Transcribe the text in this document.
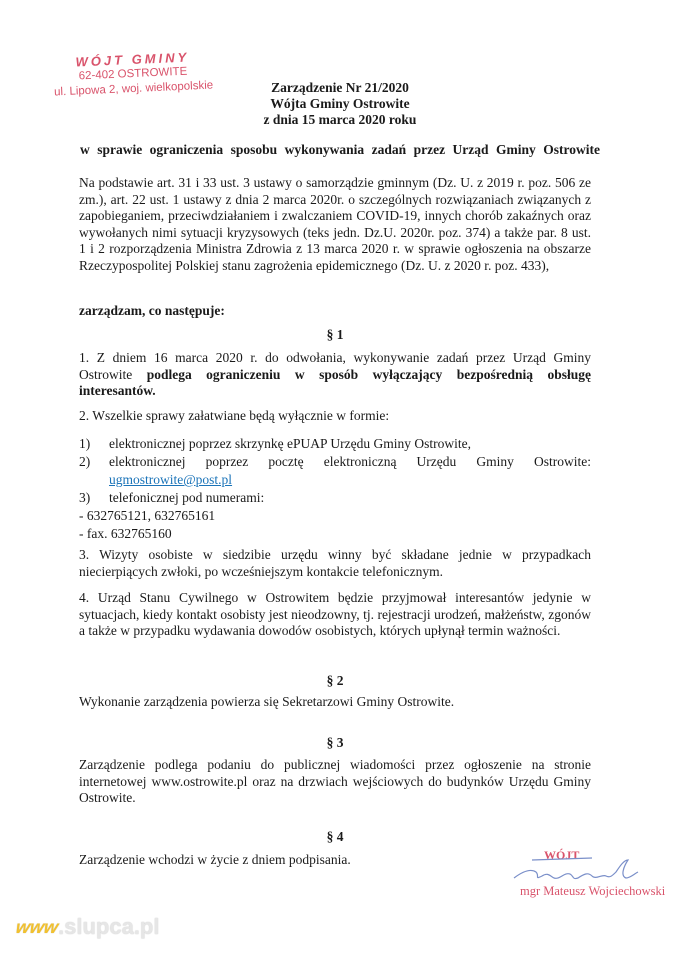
WÓJT GMINY
62-402 OSTROWITE
ul. Lipowa 2, woj. wielkopolskie	Zarządzenie Nr 21/2020
Wójta Gminy Ostrowite
z dnia 15 marca 2020 roku
w sprawie ograniczenia sposobu wykonywania zadań przez Urząd Gminy Ostrowite
Na podstawie art. 31 i 33 ust. 3 ustawy o samorządzie gminnym (Dz. U. z 2019 r. poz. 506 ze zm.), art. 22 ust. 1 ustawy z dnia 2 marca 2020r. o szczególnych rozwiązaniach związanych z zapobieganiem, przeciwdziałaniem i zwalczaniem COVID-19, innych chorób zakaźnych oraz wywołanych nimi sytuacji kryzysowych (teks jedn. Dz.U. 2020r. poz. 374) a także par. 8 ust. 1 i 2 rozporządzenia Ministra Zdrowia z 13 marca 2020 r. w sprawie ogłoszenia na obszarze Rzeczypospolitej Polskiej stanu zagrożenia epidemicznego (Dz. U. z 2020 r. poz. 433),
zarządzam, co następuje:
§ 1
1. Z dniem 16 marca 2020 r. do odwołania, wykonywanie zadań przez Urząd Gminy Ostrowite podlega ograniczeniu w sposób wyłączający bezpośrednią obsługę interesantów.
2. Wszelkie sprawy załatwiane będą wyłącznie w formie:
1)	elektronicznej poprzez skrzynkę ePUAP Urzędu Gminy Ostrowite,
2)	elektronicznej poprzez pocztę elektroniczną Urzędu Gminy Ostrowite:
ugmostrowite@post.pl
3)	telefonicznej pod numerami:
- 632765121, 632765161
- fax. 632765160
3. Wizyty osobiste w siedzibie urzędu winny być składane jednie w przypadkach niecierpiących zwłoki, po wcześniejszym kontakcie telefonicznym.
4. Urząd Stanu Cywilnego w Ostrowitem będzie przyjmował interesantów jedynie w sytuacjach, kiedy kontakt osobisty jest nieodzowny, tj. rejestracji urodzeń, małżeństw, zgonów a także w przypadku wydawania dowodów osobistych, których upłynął termin ważności.
§ 2
Wykonanie zarządzenia powierza się Sekretarzowi Gminy Ostrowite.
§ 3
Zarządzenie podlega podaniu do publicznej wiadomości przez ogłoszenie na stronie internetowej www.ostrowite.pl oraz na drzwiach wejściowych do budynków Urzędu Gminy Ostrowite.
§ 4
Zarządzenie wchodzi w życie z dniem podpisania.	WÓJT
mgr Mateusz Wojciechowski
www
.slupca.pl
